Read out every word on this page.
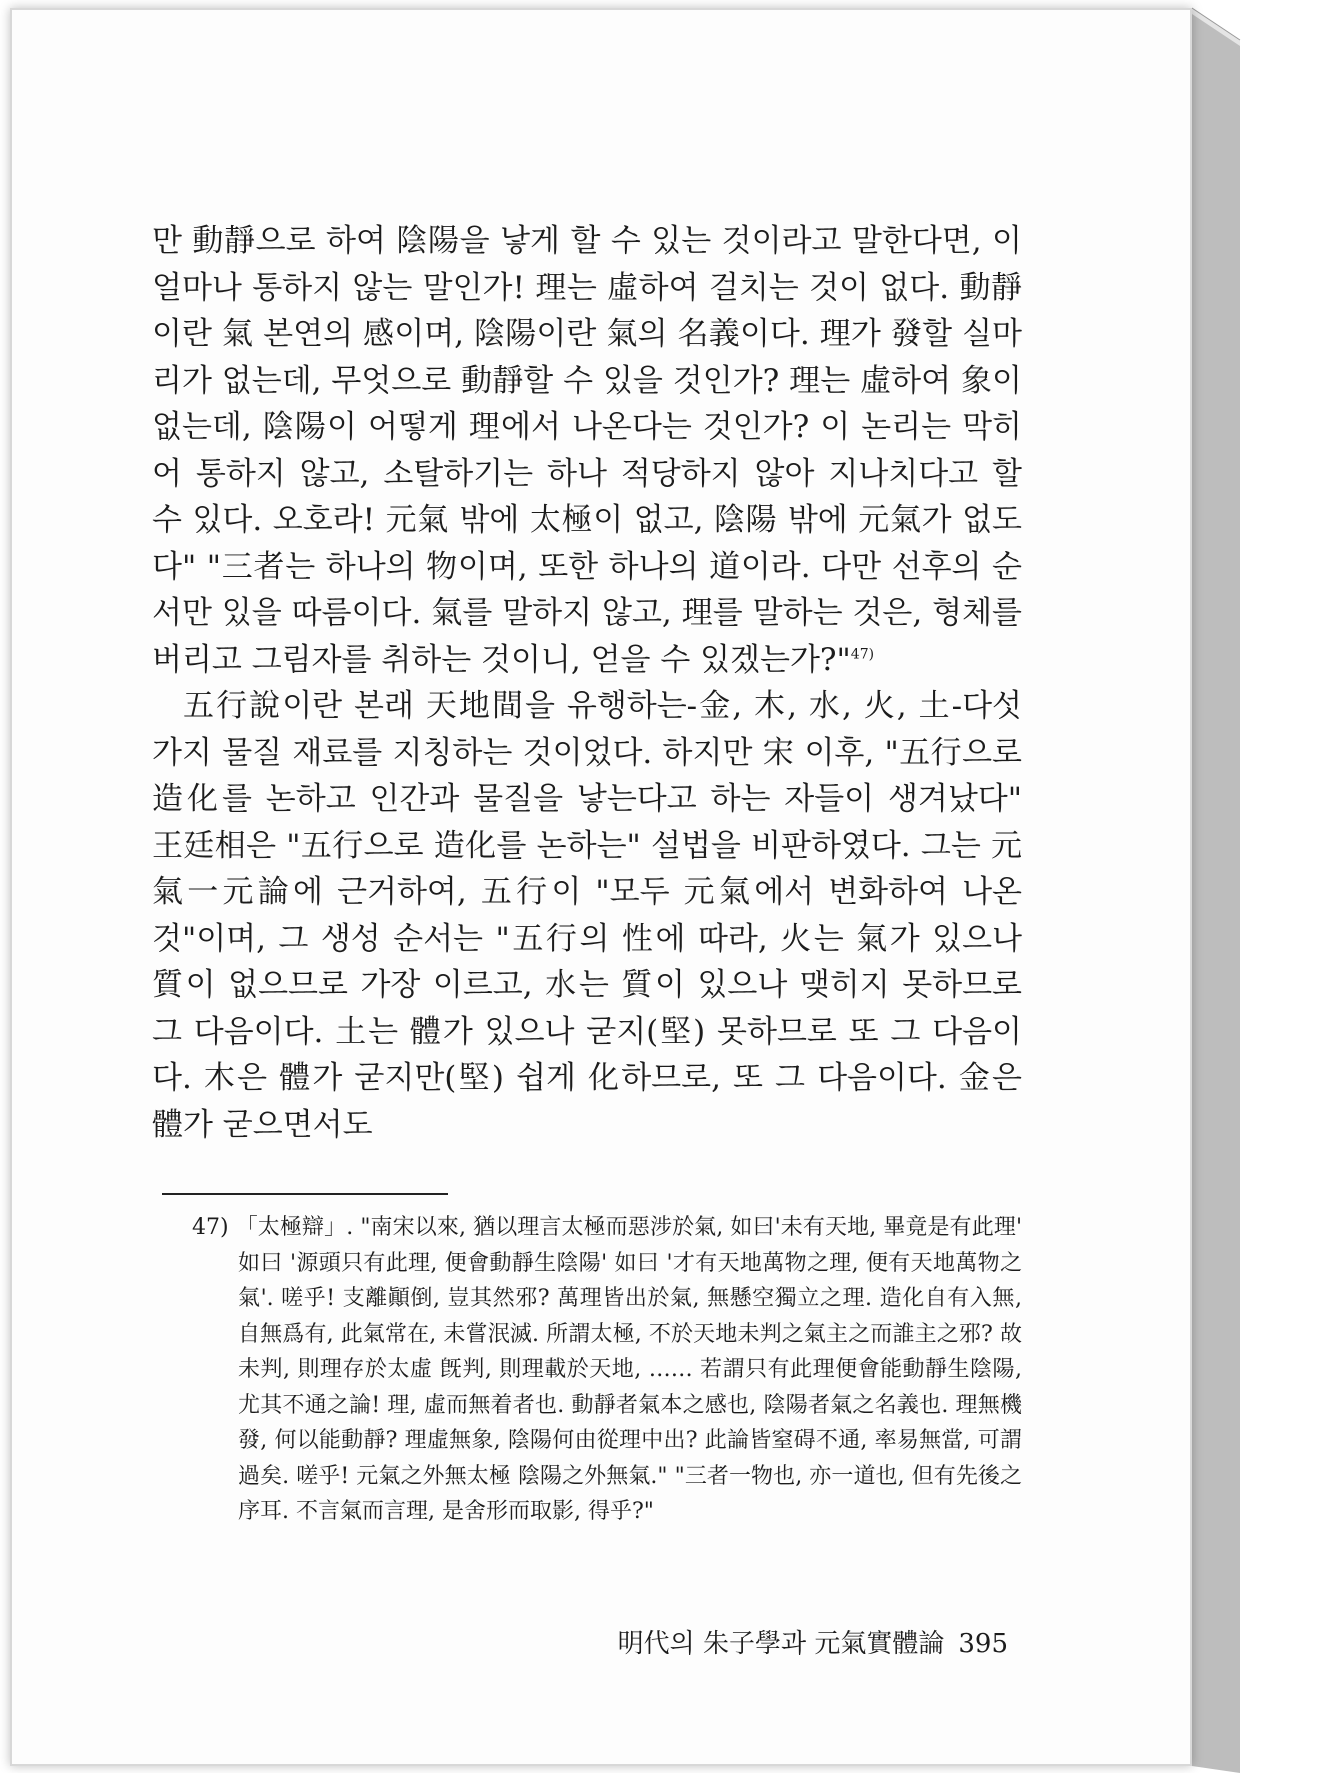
만 動靜으로 하여 陰陽을 낳게 할 수 있는 것이라고 말한다면, 이 얼마나 통하지 않는 말인가! 理는 虛하여 걸치는 것이 없다. 動靜이란 氣 본연의 感이며, 陰陽이란 氣의 名義이다. 理가 發할 실마리가 없는데, 무엇으로 動靜할 수 있을 것인가? 理는 虛하여 象이 없는데, 陰陽이 어떻게 理에서 나온다는 것인가? 이 논리는 막히어 통하지 않고, 소탈하기는 하나 적당하지 않아 지나치다고 할 수 있다. 오호라! 元氣 밖에 太極이 없고, 陰陽 밖에 元氣가 없도다" "三者는 하나의 物이며, 또한 하나의 道이라. 다만 선후의 순서만 있을 따름이다. 氣를 말하지 않고, 理를 말하는 것은, 형체를 버리고 그림자를 취하는 것이니, 얻을 수 있겠는가?"$^{47)}$

五行說이란 본래 天地間을 유행하는-金, 木, 水, 火, 土-다섯 가지 물질 재료를 지칭하는 것이었다. 하지만 宋 이후, "五行으로 造化를 논하고 인간과 물질을 낳는다고 하는 자들이 생겨났다" 王廷相은 "五行으로 造化를 논하는" 설법을 비판하였다. 그는 元氣一元論에 근거하여, 五行이 "모두 元氣에서 변화하여 나온 것"이며, 그 생성 순서는 "五行의 性에 따라, 火는 氣가 있으나 質이 없으므로 가장 이르고, 水는 質이 있으나 맺히지 못하므로 그 다음이다. 土는 體가 있으나 굳지(堅) 못하므로 또 그 다음이다. 木은 體가 굳지만(堅) 쉽게 化하므로, 또 그 다음이다. 金은 體가 굳으면서도

47) 「太極辯」. "南宋以來, 猶以理言太極而惡涉於氣, 如曰'未有天地, 畢竟是有此理' 如曰 '源頭只有此理, 便會動靜生陰陽' 如曰 '才有天地萬物之理, 便有天地萬物之氣'. 嗟乎! 支離顚倒, 豈其然邪? 萬理皆出於氣, 無懸空獨立之理. 造化自有入無, 自無爲有, 此氣常在, 未嘗泯滅. 所謂太極, 不於天地未判之氣主之而誰主之邪? 故未判, 則理存於太虛 旣判, 則理載於天地, …… 若謂只有此理便會能動靜生陰陽, 尤其不通之論! 理, 虛而無着者也. 動靜者氣本之感也, 陰陽者氣之名義也. 理無機發, 何以能動靜? 理虛無象, 陰陽何由從理中出? 此論皆窒碍不通, 率易無當, 可謂過矣. 嗟乎! 元氣之外無太極 陰陽之外無氣." "三者一物也, 亦一道也, 但有先後之序耳. 不言氣而言理, 是舍形而取影, 得乎?"
明代의 朱子學과 元氣實體論 395
